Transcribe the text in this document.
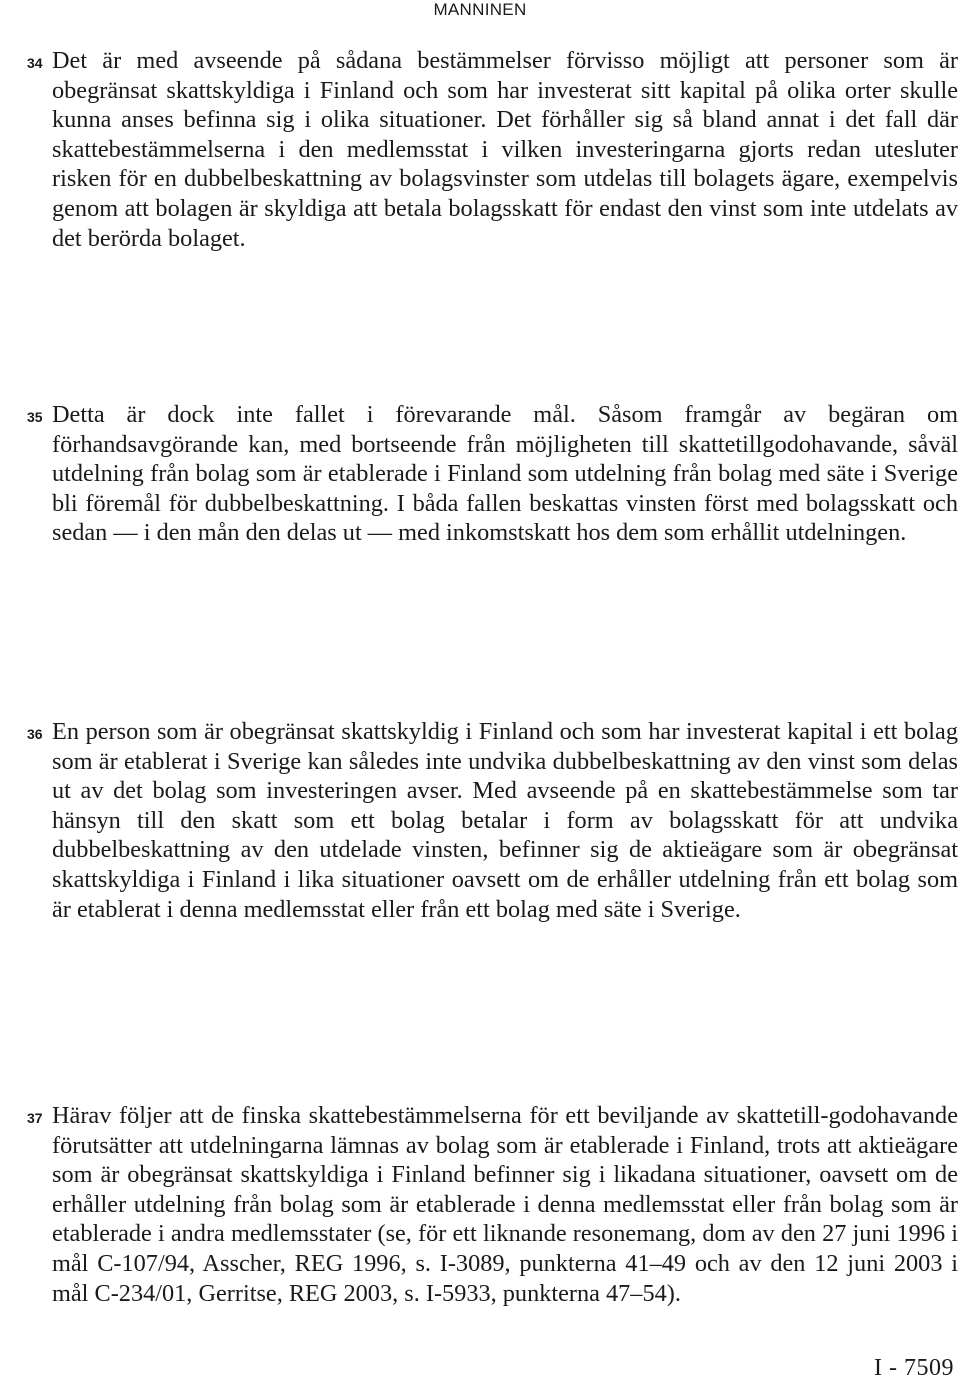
MANNINEN
34 Det är med avseende på sådana bestämmelser förvisso möjligt att personer som är obegränsat skattskyldiga i Finland och som har investerat sitt kapital på olika orter skulle kunna anses befinna sig i olika situationer. Det förhåller sig så bland annat i det fall där skattebestämmelserna i den medlemsstat i vilken investeringarna gjorts redan utesluter risken för en dubbelbeskattning av bolagsvinster som utdelas till bolagets ägare, exempelvis genom att bolagen är skyldiga att betala bolagsskatt för endast den vinst som inte utdelats av det berörda bolaget.
35 Detta är dock inte fallet i förevarande mål. Såsom framgår av begäran om förhandsavgörande kan, med bortseende från möjligheten till skattetillgodohavande, såväl utdelning från bolag som är etablerade i Finland som utdelning från bolag med säte i Sverige bli föremål för dubbelbeskattning. I båda fallen beskattas vinsten först med bolagsskatt och sedan — i den mån den delas ut — med inkomstskatt hos dem som erhållit utdelningen.
36 En person som är obegränsat skattskyldig i Finland och som har investerat kapital i ett bolag som är etablerat i Sverige kan således inte undvika dubbelbeskattning av den vinst som delas ut av det bolag som investeringen avser. Med avseende på en skattebestämmelse som tar hänsyn till den skatt som ett bolag betalar i form av bolagsskatt för att undvika dubbelbeskattning av den utdelade vinsten, befinner sig de aktieägare som är obegränsat skattskyldiga i Finland i lika situationer oavsett om de erhåller utdelning från ett bolag som är etablerat i denna medlemsstat eller från ett bolag med säte i Sverige.
37 Härav följer att de finska skattebestämmelserna för ett beviljande av skattetill-godohavande förutsätter att utdelningarna lämnas av bolag som är etablerade i Finland, trots att aktieägare som är obegränsat skattskyldiga i Finland befinner sig i likadana situationer, oavsett om de erhåller utdelning från bolag som är etablerade i denna medlemsstat eller från bolag som är etablerade i andra medlemsstater (se, för ett liknande resonemang, dom av den 27 juni 1996 i mål C-107/94, Asscher, REG 1996, s. I-3089, punkterna 41–49 och av den 12 juni 2003 i mål C-234/01, Gerritse, REG 2003, s. I-5933, punkterna 47–54).
I - 7509
